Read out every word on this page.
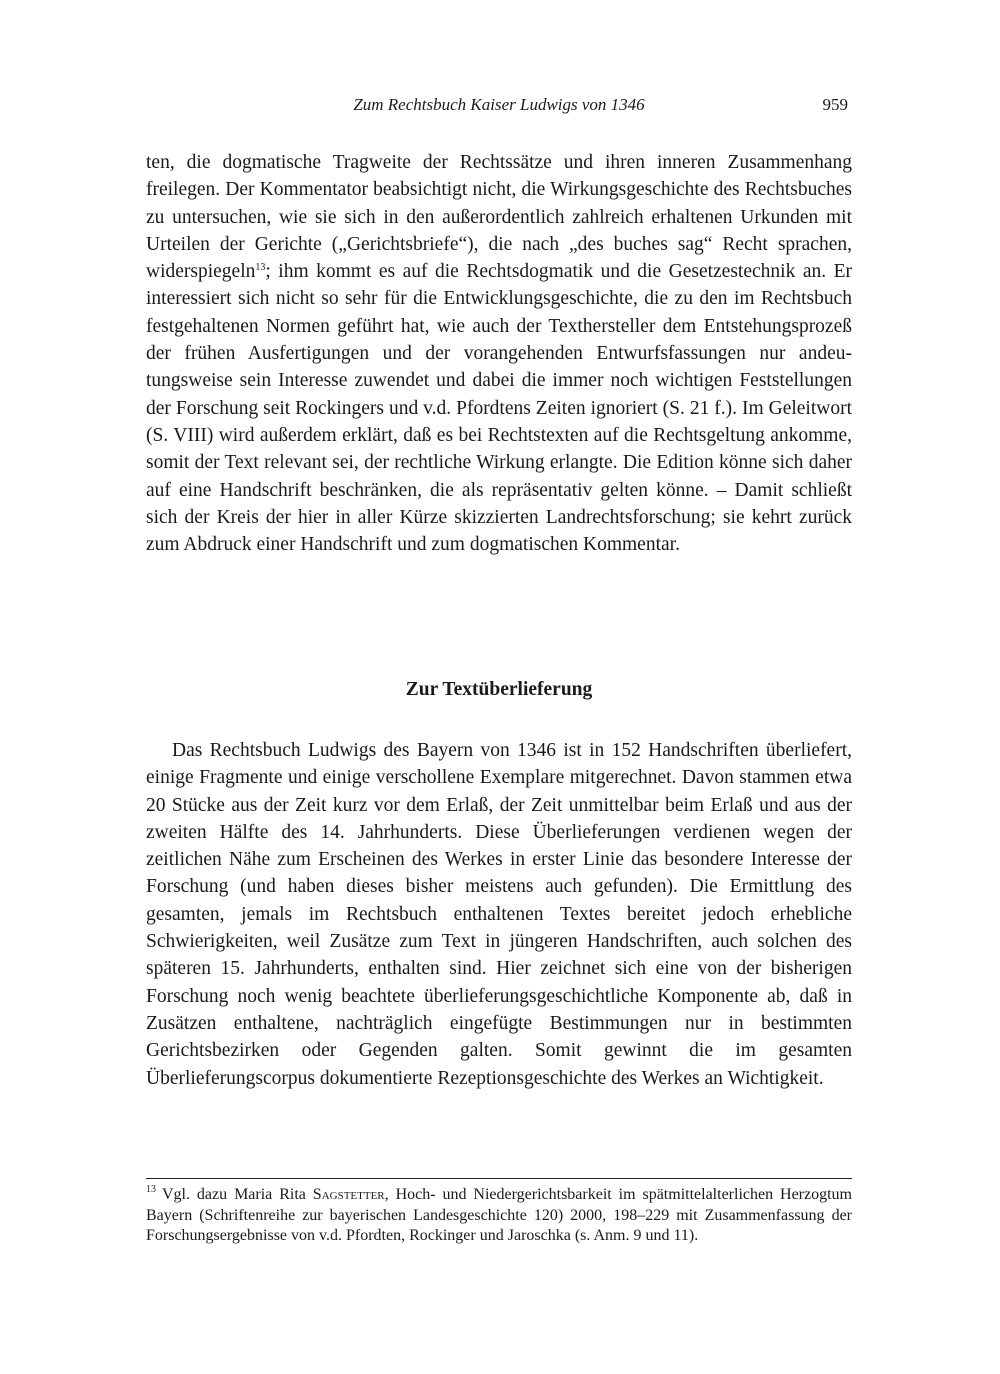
Zum Rechtsbuch Kaiser Ludwigs von 1346	959

ten, die dogmatische Tragweite der Rechtssätze und ihren inneren Zusammenhang freilegen. Der Kommentator beabsichtigt nicht, die Wirkungsgeschichte des Rechtsbuches zu untersuchen, wie sie sich in den außerordentlich zahlreich erhaltenen Urkunden mit Urteilen der Gerichte („Gerichtsbriefe“), die nach „des buches sag“ Recht sprachen, widerspiegeln$^{13}$; ihm kommt es auf die Rechtsdogmatik und die Gesetzestechnik an. Er interessiert sich nicht so sehr für die Entwicklungsgeschichte, die zu den im Rechtsbuch festgehaltenen Normen geführt hat, wie auch der Texthersteller dem Entstehungsprozeß der frühen Ausfertigungen und der vorangehenden Entwurfsfassungen nur andeutungsweise sein Interesse zuwendet und dabei die immer noch wichtigen Feststellungen der Forschung seit Rockingers und v.d. Pfordtens Zeiten ignoriert (S. 21 f.). Im Geleitwort (S. VIII) wird außerdem erklärt, daß es bei Rechtstexten auf die Rechtsgeltung ankomme, somit der Text relevant sei, der rechtliche Wirkung erlangte. Die Edition könne sich daher auf eine Handschrift beschränken, die als repräsentativ gelten könne. – Damit schließt sich der Kreis der hier in aller Kürze skizzierten Landrechtsforschung; sie kehrt zurück zum Abdruck einer Handschrift und zum dogmatischen Kommentar.

Zur Textüberlieferung

Das Rechtsbuch Ludwigs des Bayern von 1346 ist in 152 Handschriften überliefert, einige Fragmente und einige verschollene Exemplare mitgerechnet. Davon stammen etwa 20 Stücke aus der Zeit kurz vor dem Erlaß, der Zeit unmittelbar beim Erlaß und aus der zweiten Hälfte des 14. Jahrhunderts. Diese Überlieferungen verdienen wegen der zeitlichen Nähe zum Erscheinen des Werkes in erster Linie das besondere Interesse der Forschung (und haben dieses bisher meistens auch gefunden). Die Ermittlung des gesamten, jemals im Rechtsbuch enthaltenen Textes bereitet jedoch erhebliche Schwierigkeiten, weil Zusätze zum Text in jüngeren Handschriften, auch solchen des späteren 15. Jahrhunderts, enthalten sind. Hier zeichnet sich eine von der bisherigen Forschung noch wenig beachtete überlieferungsgeschichtliche Komponente ab, daß in Zusätzen enthaltene, nachträglich eingefügte Bestimmungen nur in bestimmten Gerichtsbezirken oder Gegenden galten. Somit gewinnt die im gesamten Überlieferungscorpus dokumentierte Rezeptionsgeschichte des Werkes an Wichtigkeit.

$^{13}$ Vgl. dazu Maria Rita Sagstetter, Hoch- und Niedergerichtsbarkeit im spätmittelalterlichen Herzogtum Bayern (Schriftenreihe zur bayerischen Landesgeschichte 120) 2000, 198–229 mit Zusammenfassung der Forschungsergebnisse von v.d. Pfordten, Rockinger und Jaroschka (s. Anm. 9 und 11).
